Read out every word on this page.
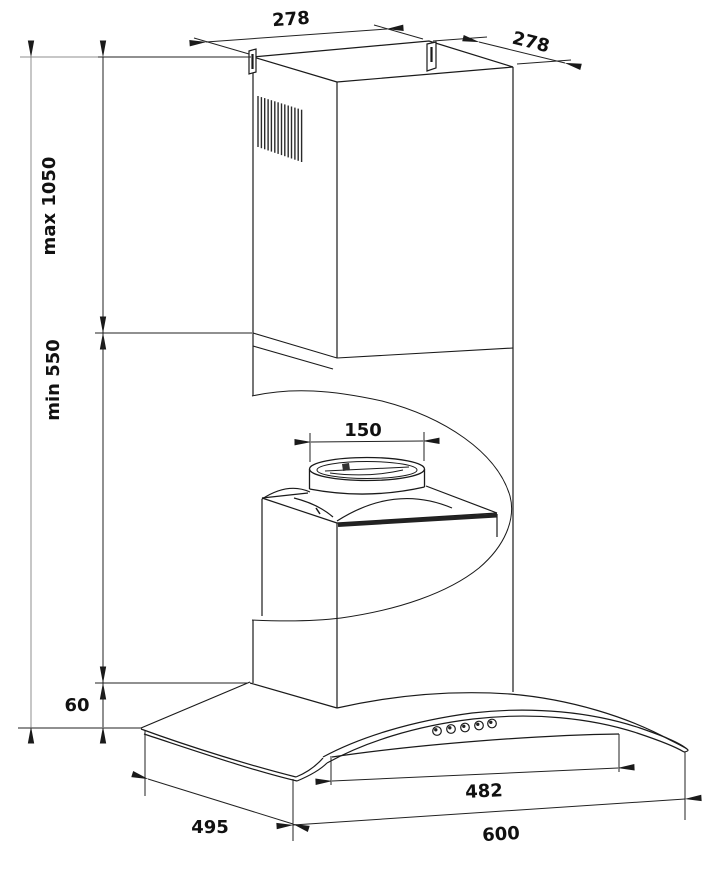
278
278
max 1050
min 550
60
150
482
495	600
